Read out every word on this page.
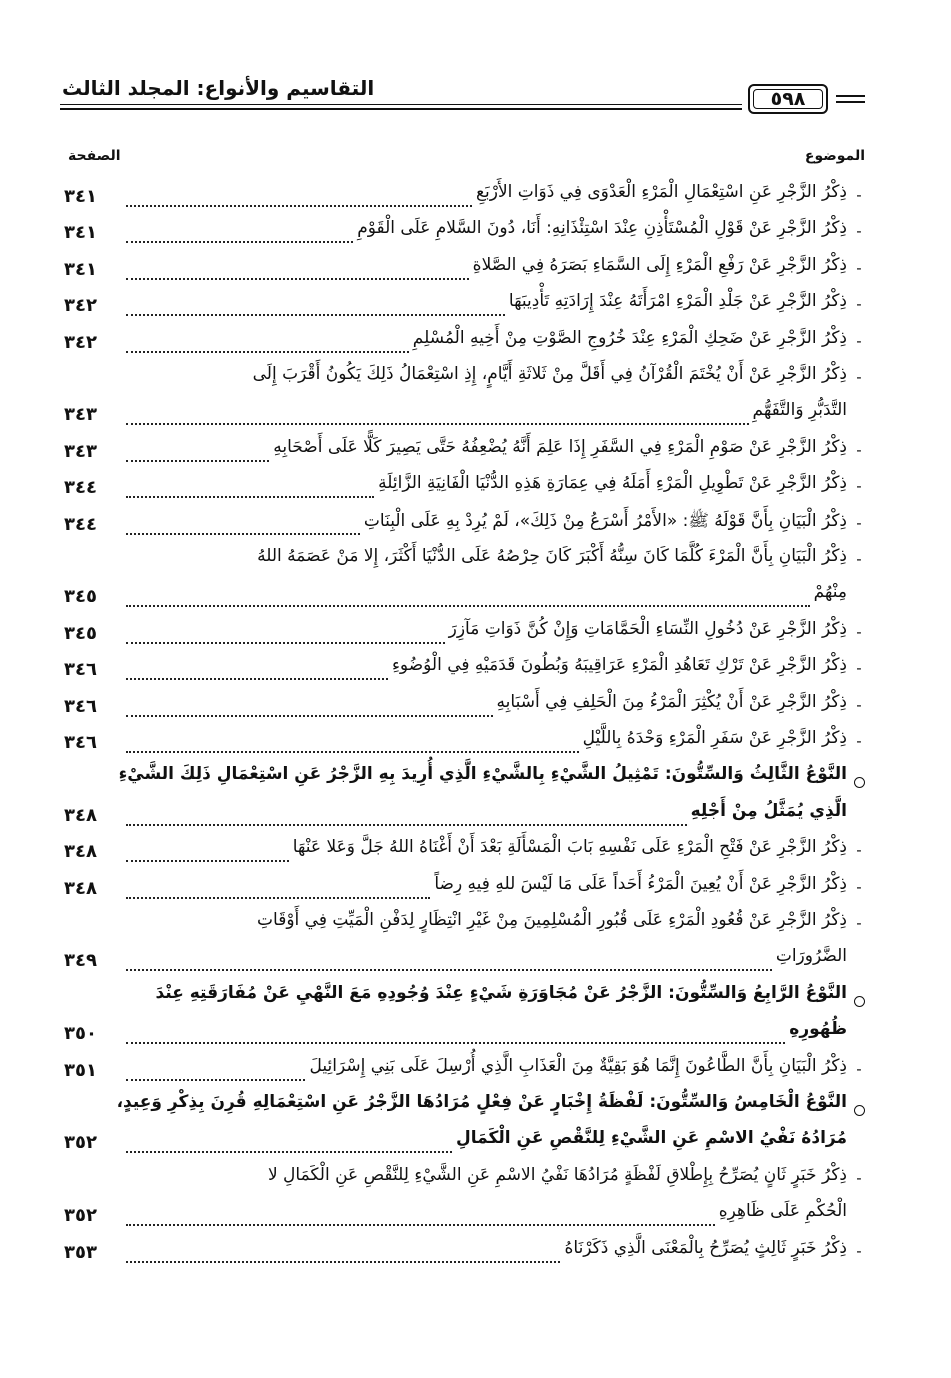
التقاسيم والأنواع: المجلد الثالث	٥٩٨
الصفحة	الموضوع
-
ذِكْرُ الزَّجْرِ عَنِ اسْتِعْمَالِ الْمَرْءِ الْعَدْوَى فِي ذَوَاتِ الأَرْبَعِ
٣٤١
-
ذِكْرُ الزَّجْرِ عَنْ قَوْلِ الْمُسْتَأْذِنِ عِنْدَ اسْتِئْذَانِهِ: أَنَا، دُونَ السَّلامِ عَلَى الْقَوْمِ
٣٤١
-
ذِكْرُ الزَّجْرِ عَنْ رَفْعِ الْمَرْءِ إِلَى السَّمَاءِ بَصَرَهُ فِي الصَّلاةِ
٣٤١
-
ذِكْرُ الزَّجْرِ عَنْ جَلْدِ الْمَرْءِ امْرَأَتَهُ عِنْدَ إِرَادَتِهِ تَأْدِيبَهَا
٣٤٢
-
ذِكْرُ الزَّجْرِ عَنْ ضَحِكِ الْمَرْءِ عِنْدَ خُرُوجِ الصَّوْتِ مِنْ أَخِيهِ الْمُسْلِمِ
٣٤٢
-
ذِكْرُ الزَّجْرِ عَنْ أَنْ يُخْتَمَ الْقُرْآنُ فِي أَقَلَّ مِنْ ثَلاثَةِ أَيَّامٍ، إِذِ اسْتِعْمَالُ ذَلِكَ يَكُونُ أَقْرَبَ إِلَى
التَّدَبُّرِ وَالتَّفَهُّمِ
٣٤٣
-
ذِكْرُ الزَّجْرِ عَنْ صَوْمِ الْمَرْءِ فِي السَّفَرِ إِذَا عَلِمَ أَنَّهُ يُضْعِفُهُ حَتَّى يَصِيرَ كَلًّا عَلَى أَصْحَابِهِ
٣٤٣
-
ذِكْرُ الزَّجْرِ عَنْ تَطْوِيلِ الْمَرْءِ أَمَلَهُ فِي عِمَارَةِ هَذِهِ الدُّنْيَا الْفَانِيَةِ الزَّائِلَةِ
٣٤٤
-
ذِكْرُ الْبَيَانِ بِأَنَّ قَوْلَهُ ﷺ: «الأَمْرُ أَسْرَعُ مِنْ ذَلِكَ»، لَمْ يُرِدْ بِهِ عَلَى الْبِنَاتِ
٣٤٤
-
ذِكْرُ الْبَيَانِ بِأَنَّ الْمَرْءَ كُلَّمَا كَانَ سِنُّهُ أَكْبَرَ كَانَ حِرْصُهُ عَلَى الدُّنْيَا أَكْثَرَ، إِلا مَنْ عَصَمَهُ اللهُ
مِنْهُمْ
٣٤٥
-
ذِكْرُ الزَّجْرِ عَنْ دُخُولِ النِّسَاءِ الْحَمَّامَاتِ وَإِنْ كُنَّ ذَوَاتِ مَآزِرَ
٣٤٥
-
ذِكْرُ الزَّجْرِ عَنْ تَرْكِ تَعَاهُدِ الْمَرْءِ عَرَاقِيبَهُ وَبُطُونَ قَدَمَيْهِ فِي الْوُضُوءِ
٣٤٦
-
ذِكْرُ الزَّجْرِ عَنْ أَنْ يُكْثِرَ الْمَرْءُ مِنَ الْحَلِفِ فِي أَسْبَابِهِ
٣٤٦
-
ذِكْرُ الزَّجْرِ عَنْ سَفَرِ الْمَرْءِ وَحْدَهُ بِاللَّيْلِ
٣٤٦
النَّوْعُ الثَّالِثُ وَالسِّتُّونَ: تَمْثِيلُ الشَّيْءِ بِالشَّيْءِ الَّذِي أُرِيدَ بِهِ الزَّجْرُ عَنِ اسْتِعْمَالِ ذَلِكَ الشَّيْءِ
الَّذِي يُمَثَّلُ مِنْ أَجْلِهِ
٣٤٨
-
ذِكْرُ الزَّجْرِ عَنْ فَتْحِ الْمَرْءِ عَلَى نَفْسِهِ بَابَ الْمَسْأَلَةِ بَعْدَ أَنْ أَغْنَاهُ اللهُ جَلَّ وَعَلا عَنْهَا
٣٤٨
-
ذِكْرُ الزَّجْرِ عَنْ أَنْ يُعِينَ الْمَرْءُ أَحَداً عَلَى مَا لَيْسَ للهِ فِيهِ رِضاً
٣٤٨
-
ذِكْرُ الزَّجْرِ عَنْ قُعُودِ الْمَرْءِ عَلَى قُبُورِ الْمُسْلِمِينَ مِنْ غَيْرِ انْتِظَارٍ لِدَفْنِ الْمَيِّتِ فِي أَوْقَاتِ
الضَّرُورَاتِ
٣٤٩
النَّوْعُ الرَّابِعُ وَالسِّتُّونَ: الزَّجْرُ عَنْ مُجَاوَرَةِ شَيْءٍ عِنْدَ وُجُودِهِ مَعَ النَّهْيِ عَنْ مُفَارَقَتِهِ عِنْدَ
ظُهُورِهِ
٣٥٠
-
ذِكْرُ الْبَيَانِ بِأَنَّ الطَّاعُونَ إِنَّمَا هُوَ بَقِيَّةٌ مِنَ الْعَذَابِ الَّذِي أُرْسِلَ عَلَى بَنِي إِسْرَائِيلَ
٣٥١
النَّوْعُ الْخَامِسُ وَالسِّتُّونَ: لَفْظَةُ إِخْبَارٍ عَنْ فِعْلٍ مُرَادُهَا الزَّجْرُ عَنِ اسْتِعْمَالِهِ قُرِنَ بِذِكْرِ وَعِيدٍ،
مُرَادُهُ نَفْيُ الاسْمِ عَنِ الشَّيْءِ لِلنَّقْصِ عَنِ الْكَمَالِ
٣٥٢
-
ذِكْرُ خَبَرٍ ثَانٍ يُصَرِّحُ بِإِطْلاقِ لَفْظَةٍ مُرَادُهَا نَفْيُ الاسْمِ عَنِ الشَّيْءِ لِلنَّقْصِ عَنِ الْكَمَالِ لا
الْحُكْمِ عَلَى ظَاهِرِهِ
٣٥٢
-
ذِكْرُ خَبَرٍ ثَالِثٍ يُصَرِّحُ بِالْمَعْنَى الَّذِي ذَكَرْنَاهُ
٣٥٣
